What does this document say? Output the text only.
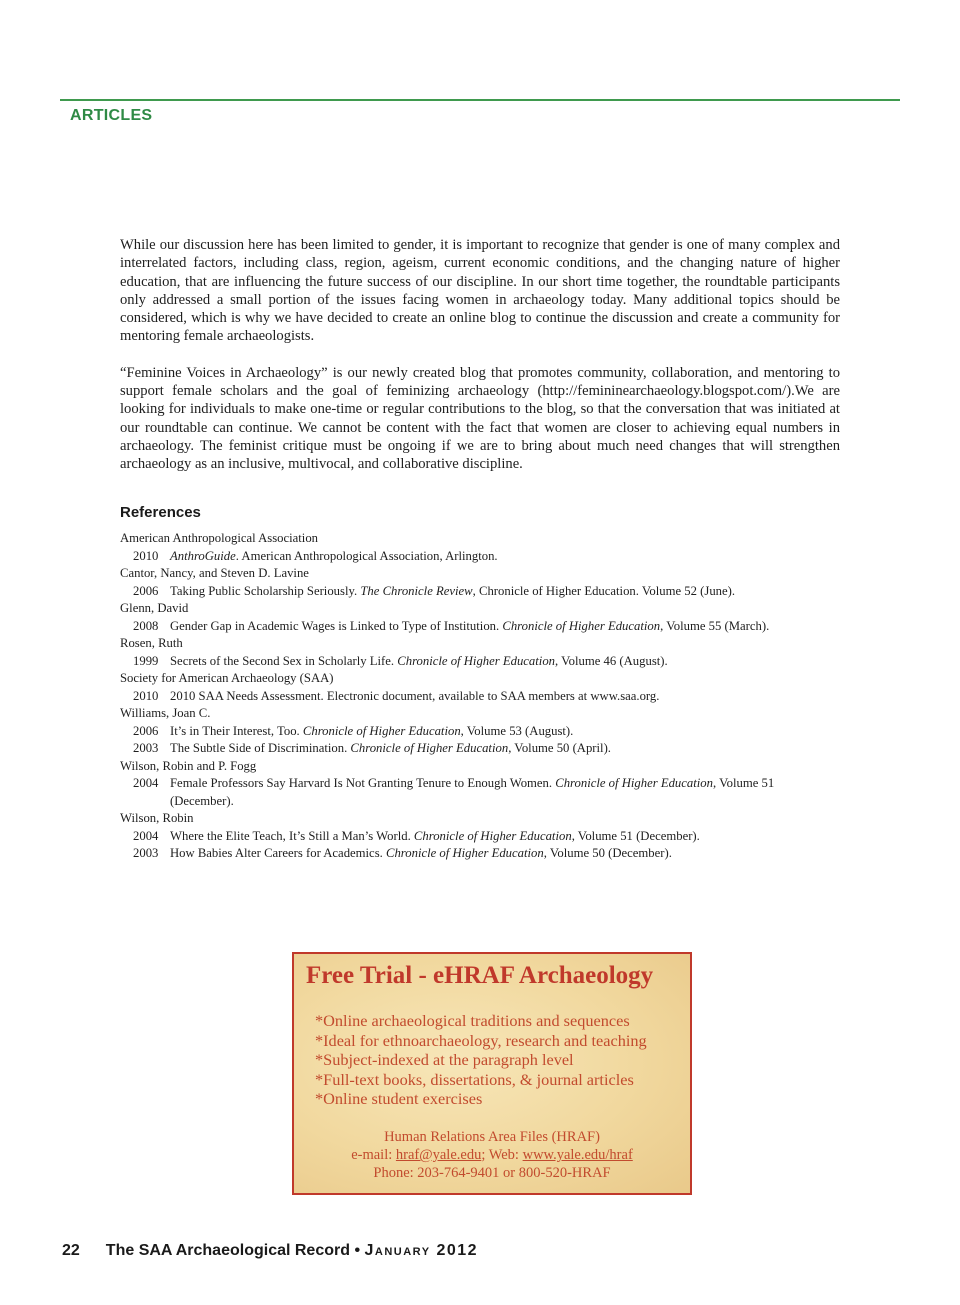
ARTICLES

While our discussion here has been limited to gender, it is important to recognize that gender is one of many complex and interrelated factors, including class, region, ageism, current economic conditions, and the changing nature of higher education, that are influencing the future success of our discipline. In our short time together, the roundtable participants only addressed a small portion of the issues facing women in archaeology today. Many additional topics should be considered, which is why we have decided to create an online blog to continue the discussion and create a community for mentoring female archaeologists.

“Feminine Voices in Archaeology” is our newly created blog that promotes community, collaboration, and mentoring to support female scholars and the goal of feminizing archaeology (http://femininearchaeology.blogspot.com/).We are looking for individuals to make one-time or regular contributions to the blog, so that the conversation that was initiated at our roundtable can continue. We cannot be content with the fact that women are closer to achieving equal numbers in archaeology. The feminist critique must be ongoing if we are to bring about much need changes that will strengthen archaeology as an inclusive, multivocal, and collaborative discipline.

References
American Anthropological Association
2010 AnthroGuide. American Anthropological Association, Arlington.
Cantor, Nancy, and Steven D. Lavine
2006 Taking Public Scholarship Seriously. The Chronicle Review, Chronicle of Higher Education. Volume 52 (June).
Glenn, David
2008 Gender Gap in Academic Wages is Linked to Type of Institution. Chronicle of Higher Education, Volume 55 (March).
Rosen, Ruth
1999 Secrets of the Second Sex in Scholarly Life. Chronicle of Higher Education, Volume 46 (August).
Society for American Archaeology (SAA)
2010 2010 SAA Needs Assessment. Electronic document, available to SAA members at www.saa.org.
Williams, Joan C.
2006 It’s in Their Interest, Too. Chronicle of Higher Education, Volume 53 (August).
2003 The Subtle Side of Discrimination. Chronicle of Higher Education, Volume 50 (April).
Wilson, Robin and P. Fogg
2004 Female Professors Say Harvard Is Not Granting Tenure to Enough Women. Chronicle of Higher Education, Volume 51 (December).
Wilson, Robin
2004 Where the Elite Teach, It’s Still a Man’s World. Chronicle of Higher Education, Volume 51 (December).
2003 How Babies Alter Careers for Academics. Chronicle of Higher Education, Volume 50 (December).
Free Trial - eHRAF Archaeology
*Online archaeological traditions and sequences
*Ideal for ethnoarchaeology, research and teaching
*Subject-indexed at the paragraph level
*Full-text books, dissertations, & journal articles
*Online student exercises
Human Relations Area Files (HRAF)
e-mail: hraf@yale.edu; Web: www.yale.edu/hraf
Phone: 203-764-9401 or 800-520-HRAF
22 The SAA Archaeological Record • January 2012
